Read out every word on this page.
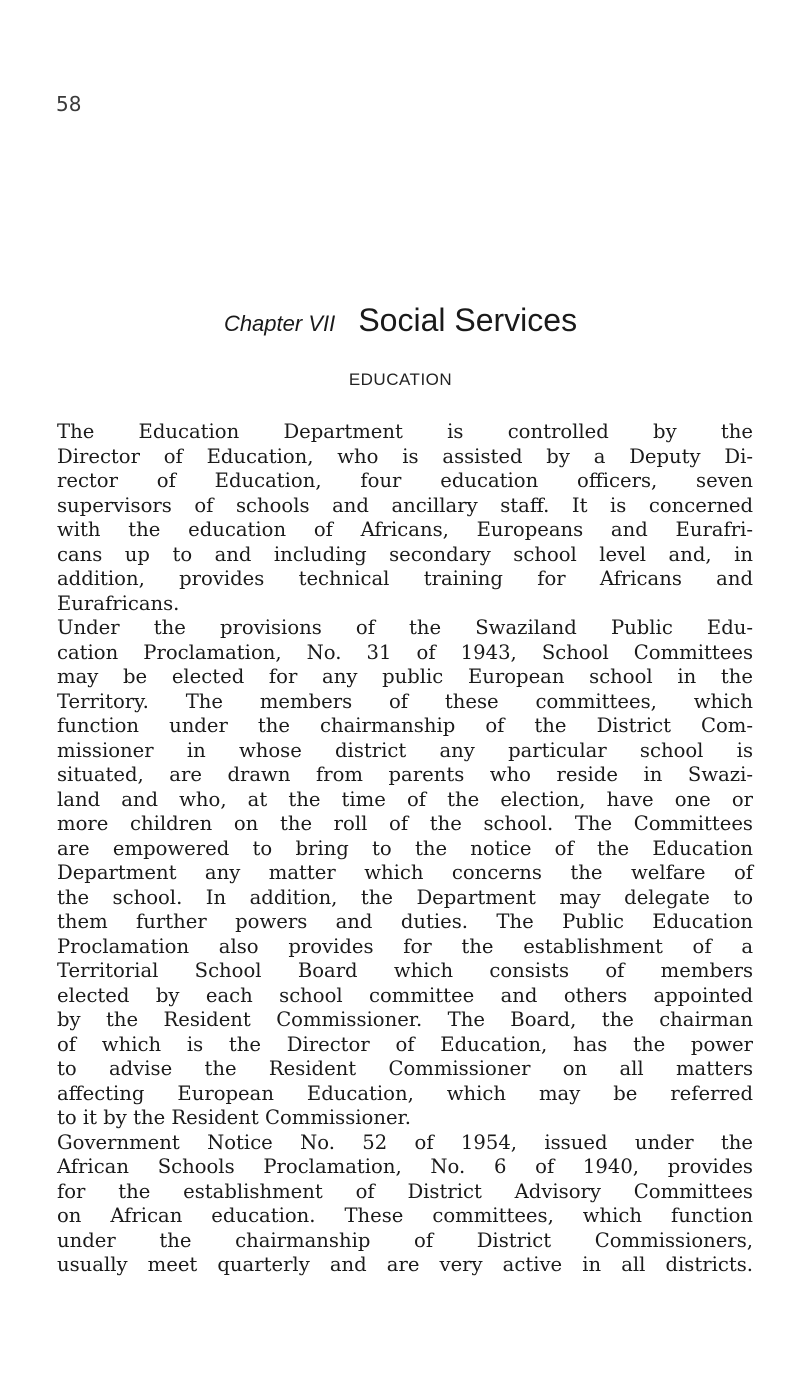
58
Chapter VII Social Services
EDUCATION
The Education Department is controlled by the
Director of Education, who is assisted by a Deputy Di-
rector of Education, four education officers, seven
supervisors of schools and ancillary staff. It is concerned
with the education of Africans, Europeans and Eurafri-
cans up to and including secondary school level and, in
addition, provides technical training for Africans and
Eurafricans.
Under the provisions of the Swaziland Public Edu-
cation Proclamation, No. 31 of 1943, School Committees
may be elected for any public European school in the
Territory. The members of these committees, which
function under the chairmanship of the District Com-
missioner in whose district any particular school is
situated, are drawn from parents who reside in Swazi-
land and who, at the time of the election, have one or
more children on the roll of the school. The Committees
are empowered to bring to the notice of the Education
Department any matter which concerns the welfare of
the school. In addition, the Department may delegate to
them further powers and duties. The Public Education
Proclamation also provides for the establishment of a
Territorial School Board which consists of members
elected by each school committee and others appointed
by the Resident Commissioner. The Board, the chairman
of which is the Director of Education, has the power
to advise the Resident Commissioner on all matters
affecting European Education, which may be referred
to it by the Resident Commissioner.
Government Notice No. 52 of 1954, issued under the
African Schools Proclamation, No. 6 of 1940, provides
for the establishment of District Advisory Committees
on African education. These committees, which function
under the chairmanship of District Commissioners,
usually meet quarterly and are very active in all districts.
